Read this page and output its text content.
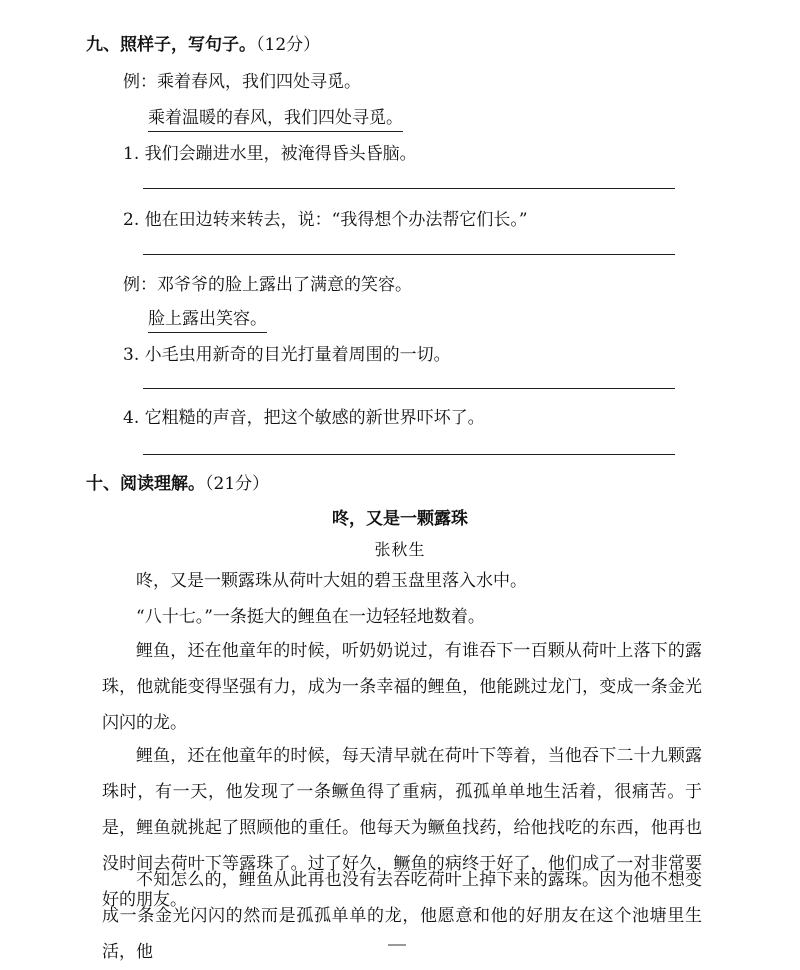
九、照样子，写句子。（12分）
例：乘着春风，我们四处寻觅。
乘着温暖的春风，我们四处寻觅。
1. 我们会蹦进水里，被淹得昏头昏脑。
2. 他在田边转来转去，说：“我得想个办法帮它们长。”
例：邓爷爷的脸上露出了满意的笑容。
脸上露出笑容。
3. 小毛虫用新奇的目光打量着周围的一切。
4. 它粗糙的声音，把这个敏感的新世界吓坏了。
十、阅读理解。（21分）
咚，又是一颗露珠
张秋生
咚，又是一颗露珠从荷叶大姐的碧玉盘里落入水中。
“八十七。”一条挺大的鲤鱼在一边轻轻地数着。
鲤鱼，还在他童年的时候，听奶奶说过，有谁吞下一百颗从荷叶上落下的露珠，他就能变得坚强有力，成为一条幸福的鲤鱼，他能跳过龙门，变成一条金光闪闪的龙。
鲤鱼，还在他童年的时候，每天清早就在荷叶下等着，当他吞下二十九颗露珠时，有一天，他发现了一条鳜鱼得了重病，孤孤单单地生活着，很痛苦。于是，鲤鱼就挑起了照顾他的重任。他每天为鳜鱼找药，给他找吃的东西，他再也没时间去荷叶下等露珠了。过了好久，鳜鱼的病终于好了，他们成了一对非常要好的朋友。
不知怎么的，鲤鱼从此再也没有去吞吃荷叶上掉下来的露珠。因为他不想变成一条金光闪闪的然而是孤孤单单的龙，他愿意和他的好朋友在这个池塘里生活，他
